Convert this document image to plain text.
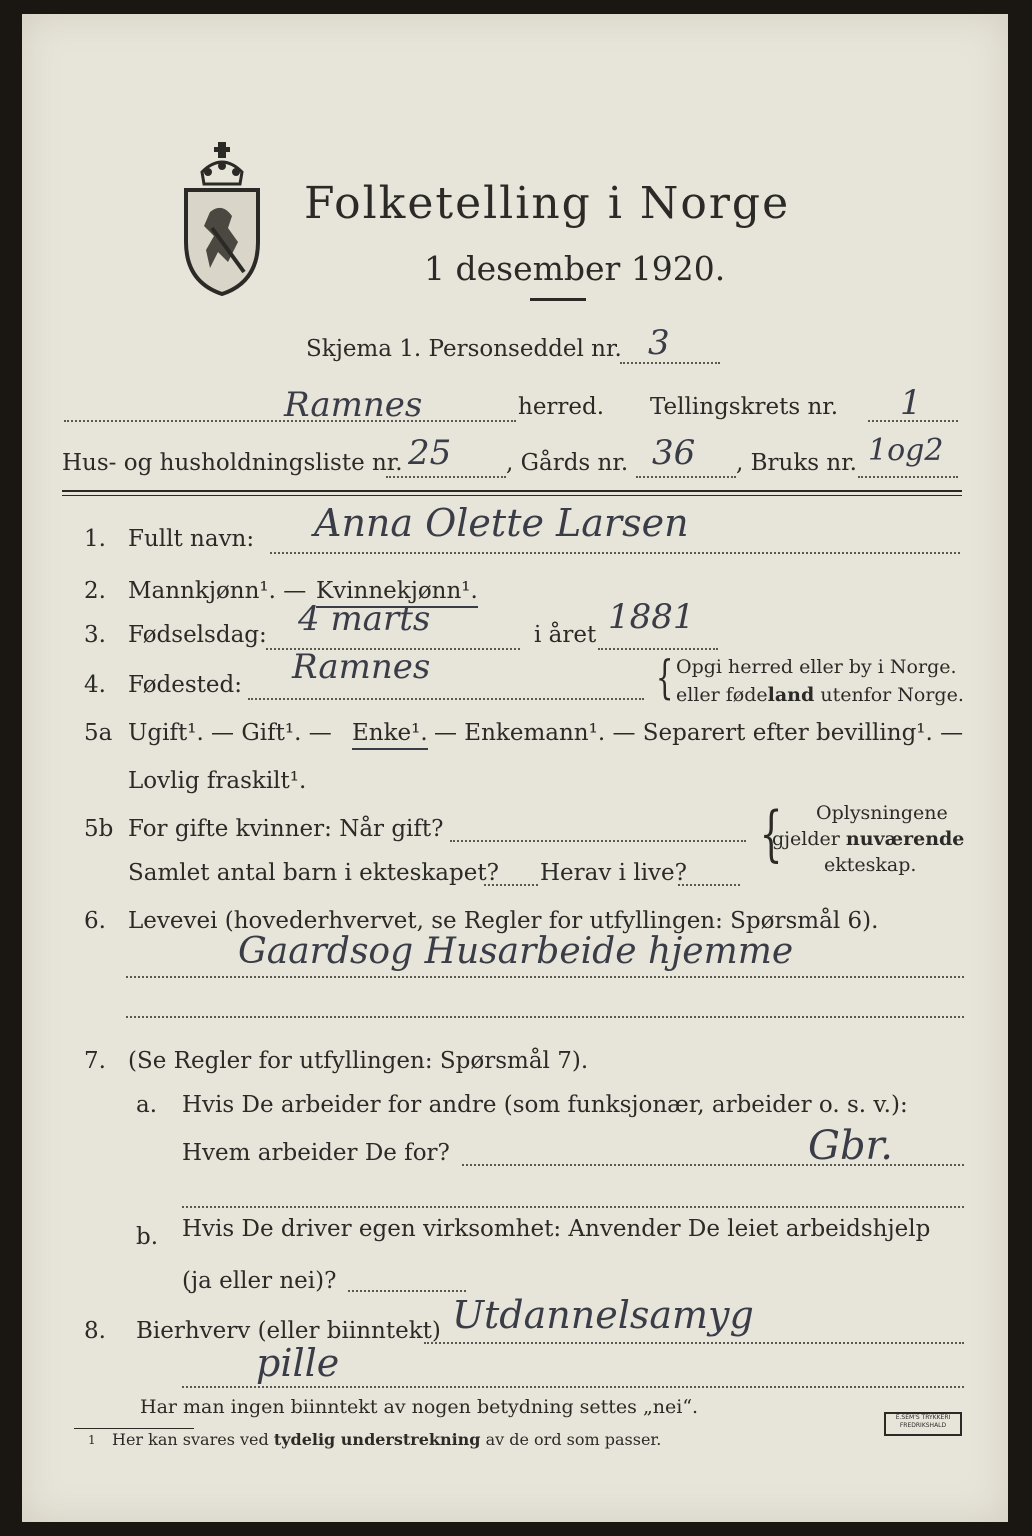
Folketelling i Norge
1 desember 1920.
Skjema 1. Personseddel nr. 3
Ramnes	herred. Tellingskrets nr. 1
Hus- og husholdningsliste nr. 25 , Gårds nr. 36 , Bruks nr. 1og2
1. Fullt navn: Anna Olette Larsen
2. Mannkjønn¹. — Kvinnekjønn¹.
3. Fødselsdag: 4 marts	i året 1881
4. Fødested: Ramnes	{ Opgi herred eller by i Norge.
eller fødeland utenfor Norge.
5a Ugift¹. — Gift¹. — Enke¹. — Enkemann¹. — Separert efter bevilling¹. —
Lovlig fraskilt¹.
5b For gifte kvinner: Når gift?
Samlet antal barn i ekteskapet? Herav i live?
{ Oplysningene
gjelder nuværende
ekteskap.
6. Levevei (hovederhvervet, se Regler for utfyllingen: Spørsmål 6).
Gaardsog Husarbeide hjemme
7. (Se Regler for utfyllingen: Spørsmål 7).
a. Hvis De arbeider for andre (som funksjonær, arbeider o. s. v.):
Hvem arbeider De for?	Gbr.
b. Hvis De driver egen virksomhet: Anvender De leiet arbeidshjelp
(ja eller nei)?
8. Bierhverv (eller biinntekt) Utdannelsamyg
pille
Har man ingen biinntekt av nogen betydning settes „nei“.
1 Her kan svares ved tydelig understrekning av de ord som passer.
E.SEM'S TRYKKERI
FREDRIKSHALD
